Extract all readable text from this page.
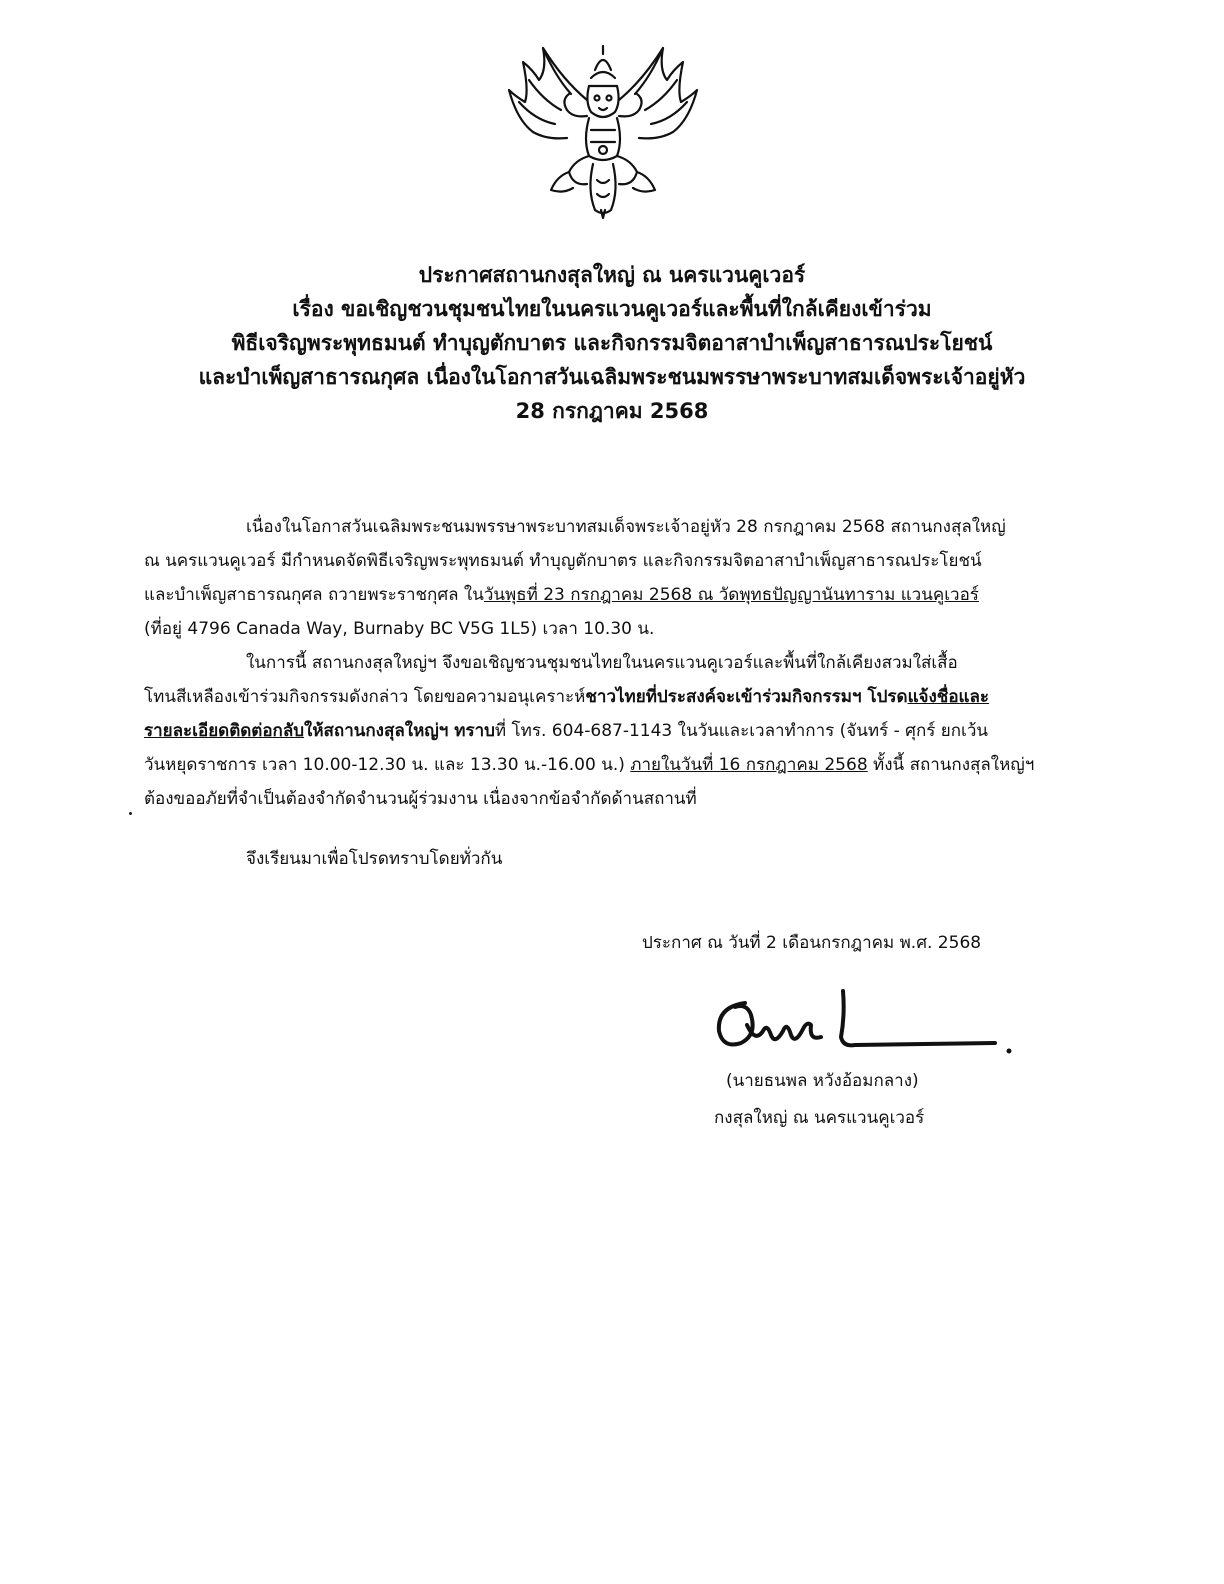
ประกาศสถานกงสุลใหญ่ ณ นครแวนคูเวอร์
เรื่อง ขอเชิญชวนชุมชนไทยในนครแวนคูเวอร์และพื้นที่ใกล้เคียงเข้าร่วม
พิธีเจริญพระพุทธมนต์ ทำบุญตักบาตร และกิจกรรมจิตอาสาบำเพ็ญสาธารณประโยชน์
และบำเพ็ญสาธารณกุศล เนื่องในโอกาสวันเฉลิมพระชนมพรรษาพระบาทสมเด็จพระเจ้าอยู่หัว
28 กรกฎาคม 2568
เนื่องในโอกาสวันเฉลิมพระชนมพรรษาพระบาทสมเด็จพระเจ้าอยู่หัว 28 กรกฎาคม 2568 สถานกงสุลใหญ่
ณ นครแวนคูเวอร์ มีกำหนดจัดพิธีเจริญพระพุทธมนต์ ทำบุญตักบาตร และกิจกรรมจิตอาสาบำเพ็ญสาธารณประโยชน์
และบำเพ็ญสาธารณกุศล ถวายพระราชกุศล ในวันพุธที่ 23 กรกฎาคม 2568 ณ วัดพุทธปัญญานันทาราม แวนคูเวอร์
(ที่อยู่ 4796 Canada Way, Burnaby BC V5G 1L5) เวลา 10.30 น.
ในการนี้ สถานกงสุลใหญ่ฯ จึงขอเชิญชวนชุมชนไทยในนครแวนคูเวอร์และพื้นที่ใกล้เคียงสวมใส่เสื้อ
โทนสีเหลืองเข้าร่วมกิจกรรมดังกล่าว โดยขอความอนุเคราะห์ชาวไทยที่ประสงค์จะเข้าร่วมกิจกรรมฯ โปรดแจ้งชื่อและ
รายละเอียดติดต่อกลับให้สถานกงสุลใหญ่ฯ ทราบที่ โทร. 604-687-1143 ในวันและเวลาทำการ (จันทร์ - ศุกร์ ยกเว้น
วันหยุดราชการ เวลา 10.00-12.30 น. และ 13.30 น.-16.00 น.) ภายในวันที่ 16 กรกฎาคม 2568 ทั้งนี้ สถานกงสุลใหญ่ฯ
ต้องขออภัยที่จำเป็นต้องจำกัดจำนวนผู้ร่วมงาน เนื่องจากข้อจำกัดด้านสถานที่
จึงเรียนมาเพื่อโปรดทราบโดยทั่วกัน
ประกาศ ณ วันที่ 2 เดือนกรกฎาคม พ.ศ. 2568
(นายธนพล หวังอ้อมกลาง)
กงสุลใหญ่ ณ นครแวนคูเวอร์
